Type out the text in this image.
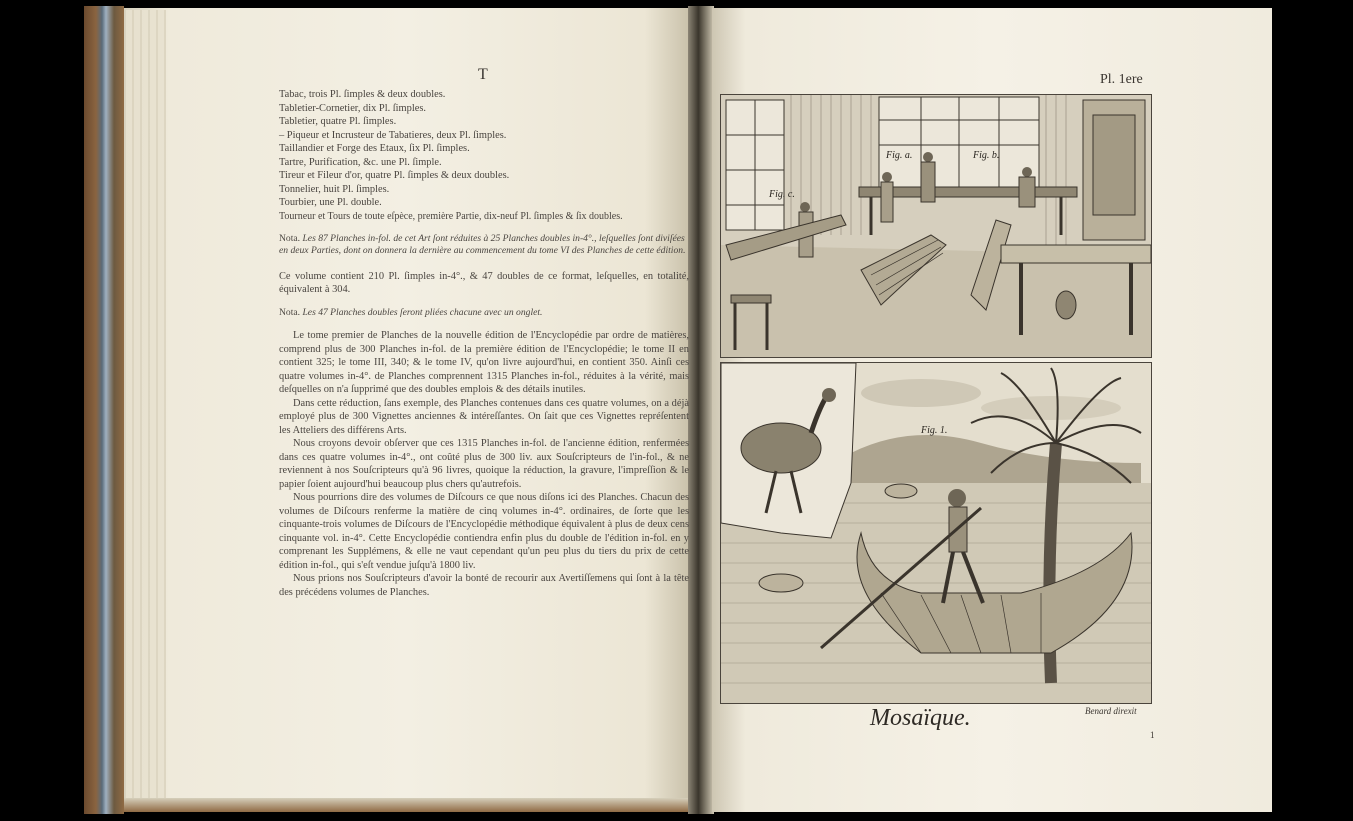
T
Tabac, trois Pl. ſimples & deux doubles.
Tabletier-Cornetier, dix Pl. ſimples.
Tabletier, quatre Pl. ſimples.
– Piqueur et Incrusteur de Tabatieres, deux Pl. ſimples.
Taillandier et Forge des Etaux, ſix Pl. ſimples.
Tartre, Purification, &c. une Pl. ſimple.
Tireur et Fileur d'or, quatre Pl. ſimples & deux doubles.
Tonnelier, huit Pl. ſimples.
Tourbier, une Pl. double.
Tourneur et Tours de toute eſpèce, première Partie, dix-neuf Pl. ſimples & ſix doubles.
Nota. Les 87 Planches in-fol. de cet Art ſont réduites à 25 Planches doubles in-4°., leſquelles ſont diviſées en deux Parties, dont on donnera la dernière au commencement du tome VI des Planches de cette édition.
Ce volume contient 210 Pl. ſimples in-4°., & 47 doubles de ce format, leſquelles, en totalité, équivalent à 304.
Nota. Les 47 Planches doubles ſeront pliées chacune avec un onglet.
Le tome premier de Planches de la nouvelle édition de l'Encyclopédie par ordre de matières, comprend plus de 300 Planches in-fol. de la première édition de l'Encyclopédie; le tome II en contient 325; le tome III, 340; & le tome IV, qu'on livre aujourd'hui, en contient 350. Ainſi ces quatre volumes in-4°. de Planches comprennent 1315 Planches in-fol., réduites à la vérité, mais deſquelles on n'a ſupprimé que des doubles emplois & des détails inutiles.
Dans cette réduction, ſans exemple, des Planches contenues dans ces quatre volumes, on a déjà employé plus de 300 Vignettes anciennes & intéreſſantes. On ſait que ces Vignettes repréſentent les Atteliers des différens Arts.
Nous croyons devoir obſerver que ces 1315 Planches in-fol. de l'ancienne édition, renfermées dans ces quatre volumes in-4°., ont coûté plus de 300 liv. aux Souſcripteurs de l'in-fol., & ne reviennent à nos Souſcripteurs qu'à 96 livres, quoique la réduction, la gravure, l'impreſſion & le papier ſoient aujourd'hui beaucoup plus chers qu'autrefois.
Nous pourrions dire des volumes de Diſcours ce que nous diſons ici des Planches. Chacun des volumes de Diſcours renferme la matière de cinq volumes in-4°. ordinaires, de ſorte que les cinquante-trois volumes de Diſcours de l'Encyclopédie méthodique équivalent à plus de deux cens cinquante vol. in-4°. Cette Encyclopédie contiendra enfin plus du double de l'édition in-fol. en y comprenant les Supplémens, & elle ne vaut cependant qu'un peu plus du tiers du prix de cette édition in-fol., qui s'eſt vendue juſqu'à 1800 liv.
Nous prions nos Souſcripteurs d'avoir la bonté de recourir aux Avertiſſemens qui ſont à la tête des précédens volumes de Planches.
Pl. 1ere
Fig. a.	Fig. b.
Fig. c.
Fig. 1.
Mosaïque.	Benard direxit
1
